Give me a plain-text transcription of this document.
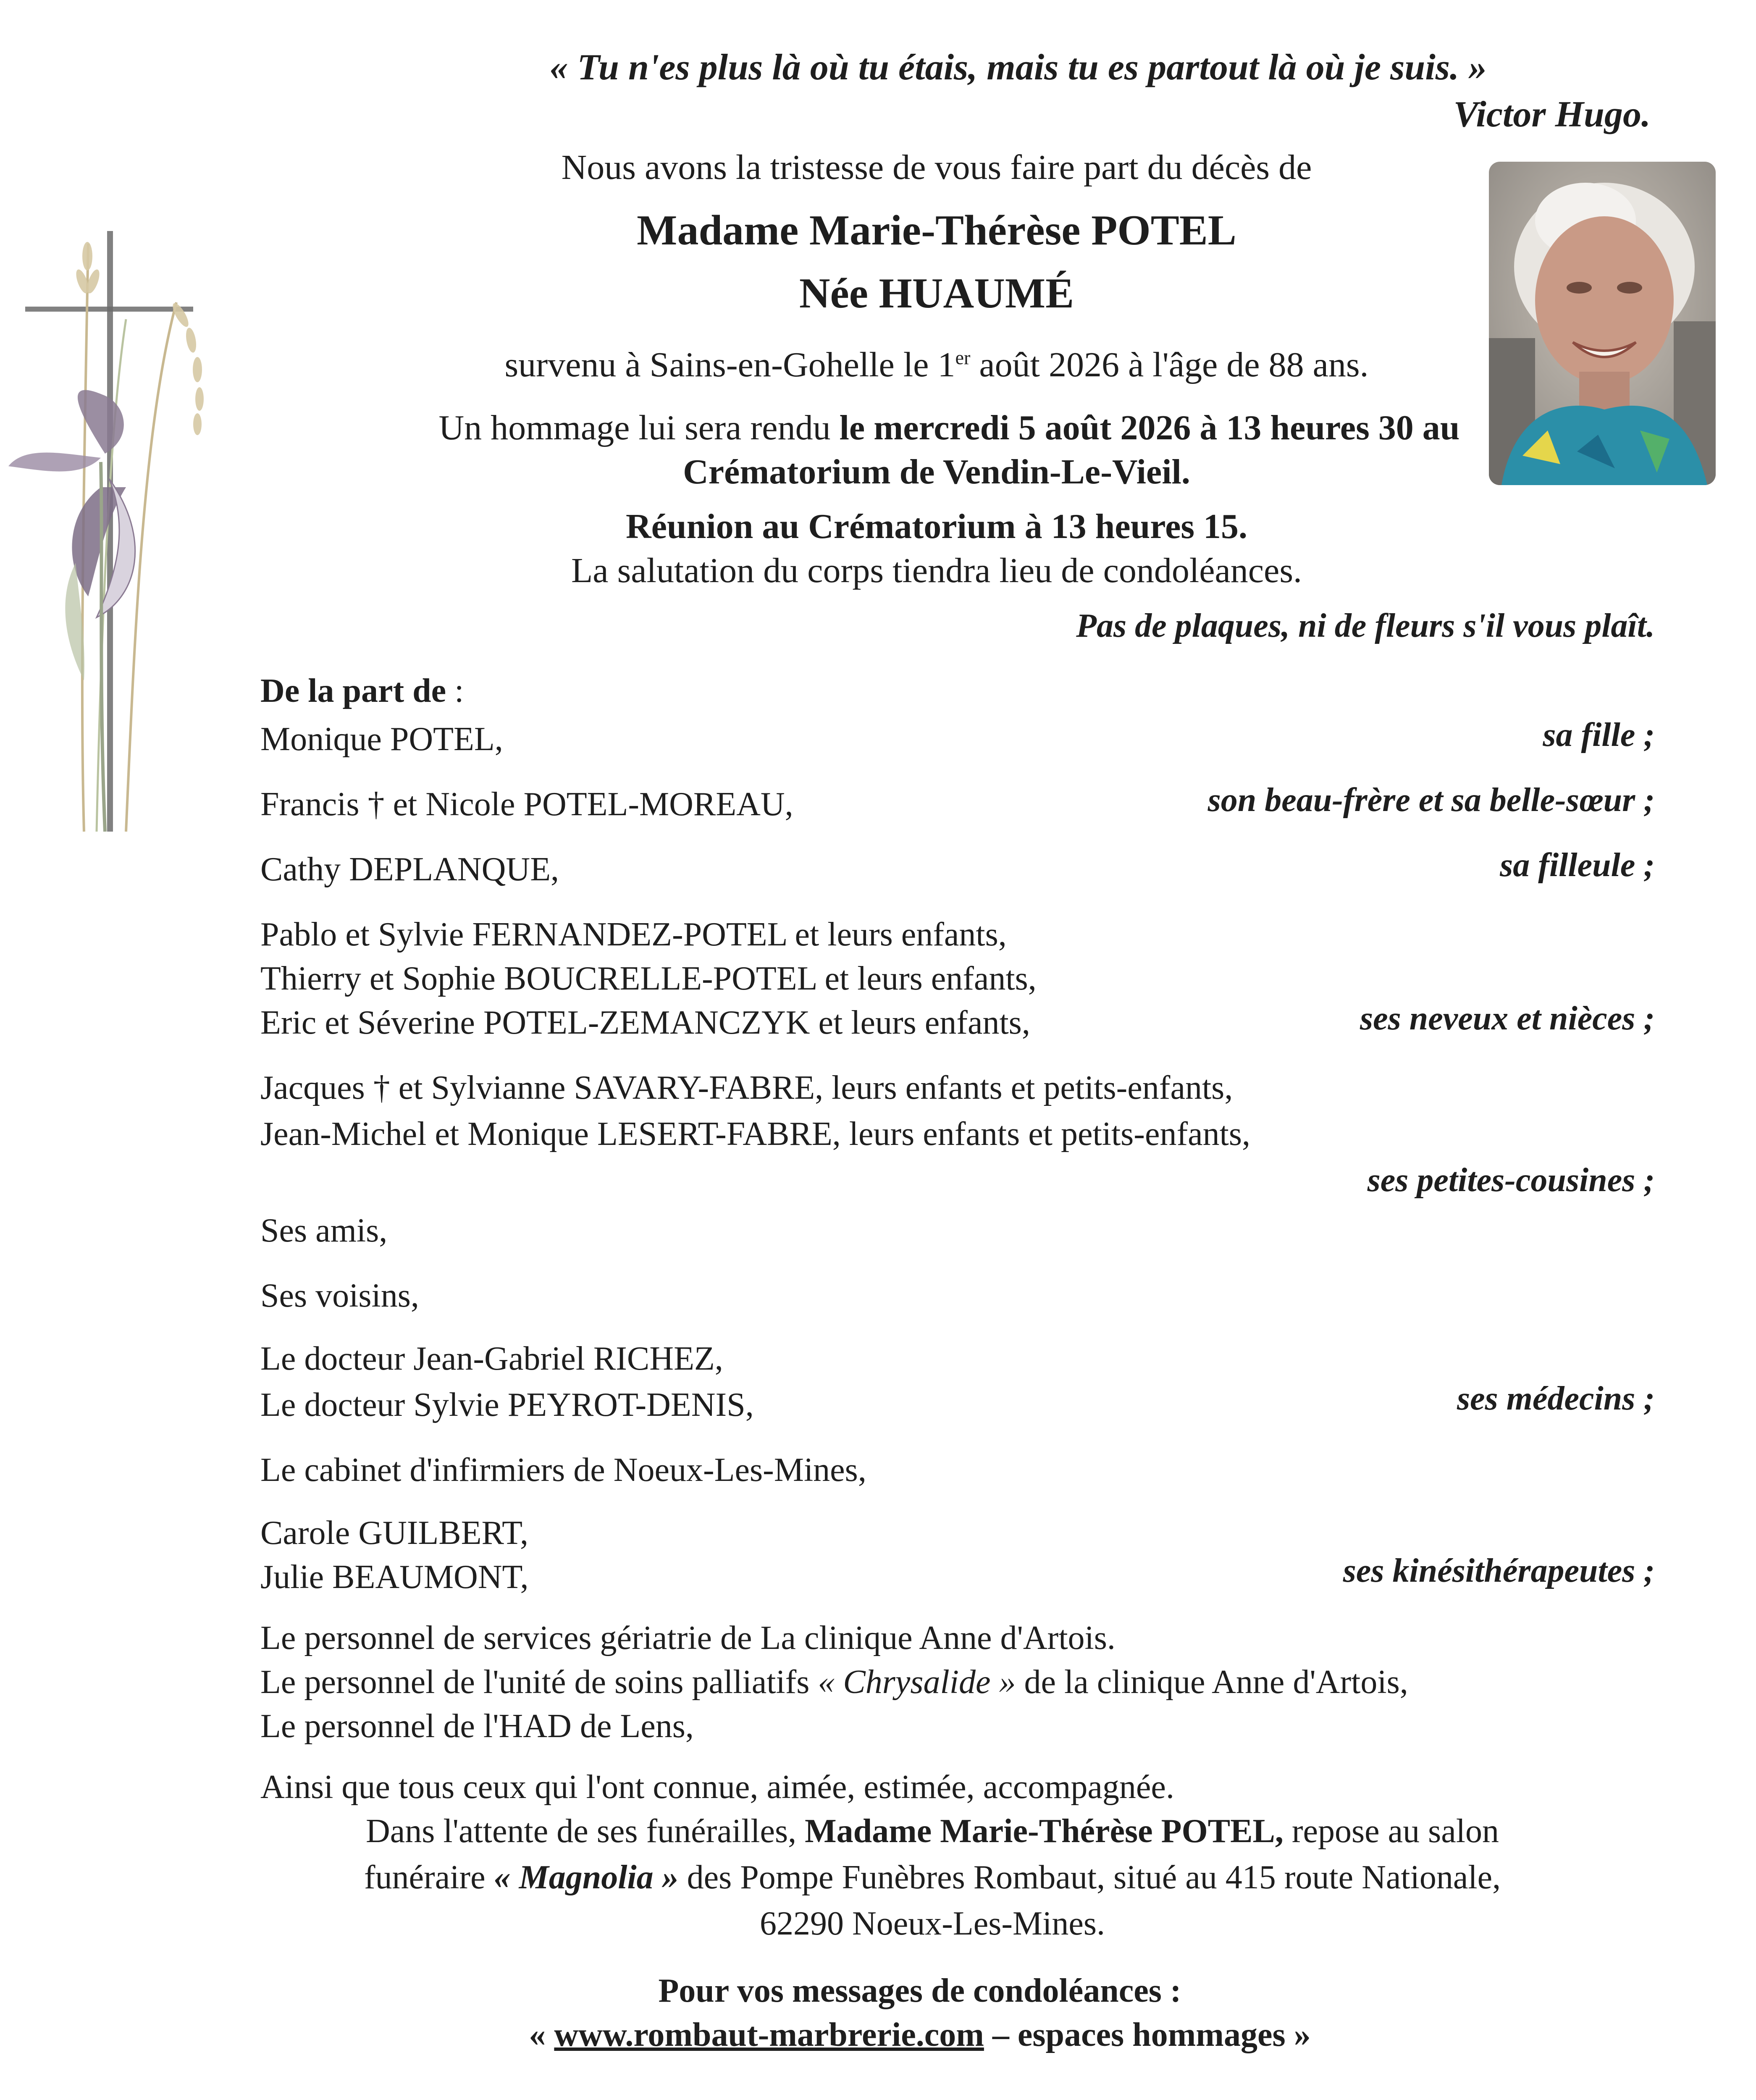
« Tu n'es plus là où tu étais, mais tu es partout là où je suis. »
Victor Hugo.
Nous avons la tristesse de vous faire part du décès de
Madame Marie-Thérèse POTEL
Née HUAUMÉ
survenu à Sains-en-Gohelle le 1er août 2026 à l'âge de 88 ans.
Un hommage lui sera rendu le mercredi 5 août 2026 à 13 heures 30 au
Crématorium de Vendin-Le-Vieil.
Réunion au Crématorium à 13 heures 15.
La salutation du corps tiendra lieu de condoléances.
Pas de plaques, ni de fleurs s'il vous plaît.
De la part de :
Monique POTEL,	sa fille ;
Francis † et Nicole POTEL-MOREAU,	son beau-frère et sa belle-sœur ;
Cathy DEPLANQUE,	sa filleule ;
Pablo et Sylvie FERNANDEZ-POTEL et leurs enfants,
Thierry et Sophie BOUCRELLE-POTEL et leurs enfants,
Eric et Séverine POTEL-ZEMANCZYK et leurs enfants,	ses neveux et nièces ;
Jacques † et Sylvianne SAVARY-FABRE, leurs enfants et petits-enfants,
Jean-Michel et Monique LESERT-FABRE, leurs enfants et petits-enfants,
ses petites-cousines ;
Ses amis,
Ses voisins,
Le docteur Jean-Gabriel RICHEZ,
Le docteur Sylvie PEYROT-DENIS,	ses médecins ;
Le cabinet d'infirmiers de Noeux-Les-Mines,
Carole GUILBERT,
Julie BEAUMONT,	ses kinésithérapeutes ;
Le personnel de services gériatrie de La clinique Anne d'Artois.
Le personnel de l'unité de soins palliatifs « Chrysalide » de la clinique Anne d'Artois,
Le personnel de l'HAD de Lens,
Ainsi que tous ceux qui l'ont connue, aimée, estimée, accompagnée.
Dans l'attente de ses funérailles, Madame Marie-Thérèse POTEL, repose au salon
funéraire « Magnolia » des Pompe Funèbres Rombaut, situé au 415 route Nationale,
62290 Noeux-Les-Mines.
Pour vos messages de condoléances :
« www.rombaut-marbrerie.com – espaces hommages »
